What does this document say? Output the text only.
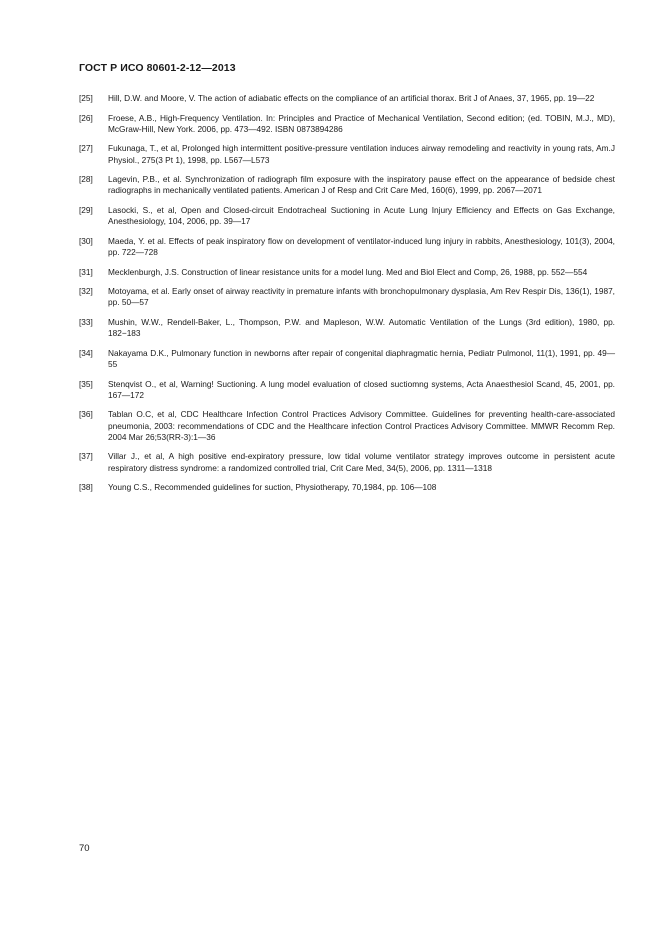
ГОСТ Р ИСО 80601-2-12—2013
[25]	Hill, D.W. and Moore, V. The action of adiabatic effects on the compliance of an artificial thorax. Brit J of Anaes, 37, 1965, pp. 19—22
[26]	Froese, A.B., High-Frequency Ventilation. In: Principles and Practice of Mechanical Ventilation, Second edition; (ed. TOBIN, M.J., MD), McGraw-Hill, New York. 2006, pp. 473—492. ISBN 0873894286
[27]	Fukunaga, T., et al, Prolonged high intermittent positive-pressure ventilation induces airway remodeling and reactivity in young rats, Am.J Physiol., 275(3 Pt 1), 1998, pp. L567—L573
[28]	Lagevin, P.B., et al. Synchronization of radiograph film exposure with the inspiratory pause effect on the appearance of bedside chest radiographs in mechanically ventilated patients. American J of Resp and Crit Care Med, 160(6), 1999, pp. 2067—2071
[29]	Lasocki, S., et al, Open and Closed-circuit Endotracheal Suctioning in Acute Lung Injury Efficiency and Effects on Gas Exchange, Anesthesiology, 104, 2006, pp. 39—17
[30]	Maeda, Y. et al. Effects of peak inspiratory flow on development of ventilator-induced lung injury in rabbits, Anesthesiology, 101(3), 2004, pp. 722—728
[31]	Mecklenburgh, J.S. Construction of linear resistance units for a model lung. Med and Biol Elect and Comp, 26, 1988, pp. 552—554
[32]	Motoyama, et al. Early onset of airway reactivity in premature infants with bronchopulmonary dysplasia, Am Rev Respir Dis, 136(1), 1987, pp. 50—57
[33]	Mushin, W.W., Rendell-Baker, L., Thompson, P.W. and Mapleson, W.W. Automatic Ventilation of the Lungs (3rd edition), 1980, pp. 182−183
[34]	Nakayama D.K., Pulmonary function in newborns after repair of congenital diaphragmatic hernia, Pediatr Pulmonol, 11(1), 1991, pp. 49—55
[35]	Stenqvist O., et al, Warning! Suctioning. A lung model evaluation of closed suctiomng systems, Acta Anaesthesiol Scand, 45, 2001, pp. 167—172
[36]	Tablan O.C, et al, CDC Healthcare Infection Control Practices Advisory Committee. Guidelines for preventing health-care-associated pneumonia, 2003: recommendations of CDC and the Healthcare infection Control Practices Advisory Committee. MMWR Recomm Rep. 2004 Mar 26;53(RR-3):1—36
[37]	Villar J., et al, A high positive end-expiratory pressure, low tidal volume ventilator strategy improves outcome in persistent acute respiratory distress syndrome: a randomized controlled trial, Crit Care Med, 34(5), 2006, pp. 1311—1318
[38]	Young C.S., Recommended guidelines for suction, Physiotherapy, 70,1984, pp. 106—108
70
